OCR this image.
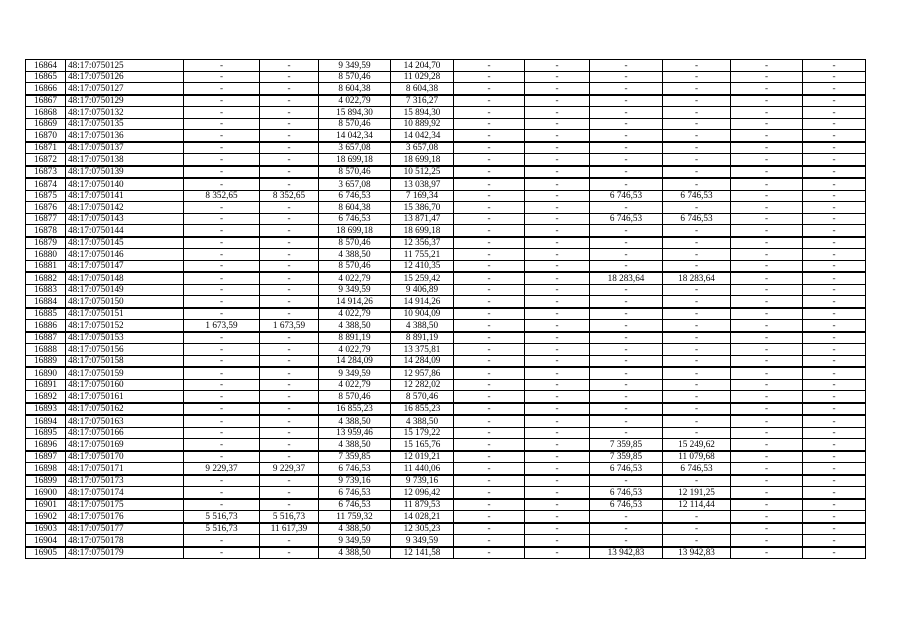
16864	48:17:0750125	-	-	9 349,59	14 204,70	-	-	-	-	-	-
16865	48:17:0750126	-	-	8 570,46	11 029,28	-	-	-	-	-	-
16866	48:17:0750127	-	-	8 604,38	8 604,38	-	-	-	-	-	-
16867	48:17:0750129	-	-	4 022,79	7 316,27	-	-	-	-	-	-
16868	48:17:0750132	-	-	15 894,30	15 894,30	-	-	-	-	-	-
16869	48:17:0750135	-	-	8 570,46	10 889,92	-	-	-	-	-	-
16870	48:17:0750136	-	-	14 042,34	14 042,34	-	-	-	-	-	-
16871	48:17:0750137	-	-	3 657,08	3 657,08	-	-	-	-	-	-
16872	48:17:0750138	-	-	18 699,18	18 699,18	-	-	-	-	-	-
16873	48:17:0750139	-	-	8 570,46	10 512,25	-	-	-	-	-	-
16874	48:17:0750140	-	-	3 657,08	13 038,97	-	-	-	-	-	-
16875	48:17:0750141	8 352,65	8 352,65	6 746,53	7 169,34	-	-	6 746,53	6 746,53	-	-
16876	48:17:0750142	-	-	8 604,38	15 386,70	-	-	-	-	-	-
16877	48:17:0750143	-	-	6 746,53	13 871,47	-	-	6 746,53	6 746,53	-	-
16878	48:17:0750144	-	-	18 699,18	18 699,18	-	-	-	-	-	-
16879	48:17:0750145	-	-	8 570,46	12 356,37	-	-	-	-	-	-
16880	48:17:0750146	-	-	4 388,50	11 755,21	-	-	-	-	-	-
16881	48:17:0750147	-	-	8 570,46	12 410,35	-	-	-	-	-	-
16882	48:17:0750148	-	-	4 022,79	15 259,42	-	-	18 283,64	18 283,64	-	-
16883	48:17:0750149	-	-	9 349,59	9 406,89	-	-	-	-	-	-
16884	48:17:0750150	-	-	14 914,26	14 914,26	-	-	-	-	-	-
16885	48:17:0750151	-	-	4 022,79	10 904,09	-	-	-	-	-	-
16886	48:17:0750152	1 673,59	1 673,59	4 388,50	4 388,50	-	-	-	-	-	-
16887	48:17:0750153	-	-	8 891,19	8 891,19	-	-	-	-	-	-
16888	48:17:0750156	-	-	4 022,79	13 375,81	-	-	-	-	-	-
16889	48:17:0750158	-	-	14 284,09	14 284,09	-	-	-	-	-	-
16890	48:17:0750159	-	-	9 349,59	12 957,86	-	-	-	-	-	-
16891	48:17:0750160	-	-	4 022,79	12 282,02	-	-	-	-	-	-
16892	48:17:0750161	-	-	8 570,46	8 570,46	-	-	-	-	-	-
16893	48:17:0750162	-	-	16 855,23	16 855,23	-	-	-	-	-	-
16894	48:17:0750163	-	-	4 388,50	4 388,50	-	-	-	-	-	-
16895	48:17:0750166	-	-	13 959,46	15 179,22	-	-	-	-	-	-
16896	48:17:0750169	-	-	4 388,50	15 165,76	-	-	7 359,85	15 249,62	-	-
16897	48:17:0750170	-	-	7 359,85	12 019,21	-	-	7 359,85	11 079,68	-	-
16898	48:17:0750171	9 229,37	9 229,37	6 746,53	11 440,06	-	-	6 746,53	6 746,53	-	-
16899	48:17:0750173	-	-	9 739,16	9 739,16	-	-	-	-	-	-
16900	48:17:0750174	-	-	6 746,53	12 096,42	-	-	6 746,53	12 191,25	-	-
16901	48:17:0750175	-	-	6 746,53	11 879,53	-	-	6 746,53	12 114,44	-	-
16902	48:17:0750176	5 516,73	5 516,73	11 759,32	14 028,21	-	-	-	-	-	-
16903	48:17:0750177	5 516,73	11 617,39	4 388,50	12 305,23	-	-	-	-	-	-
16904	48:17:0750178	-	-	9 349,59	9 349,59	-	-	-	-	-	-
16905	48:17:0750179	-	-	4 388,50	12 141,58	-	-	13 942,83	13 942,83	-	-
